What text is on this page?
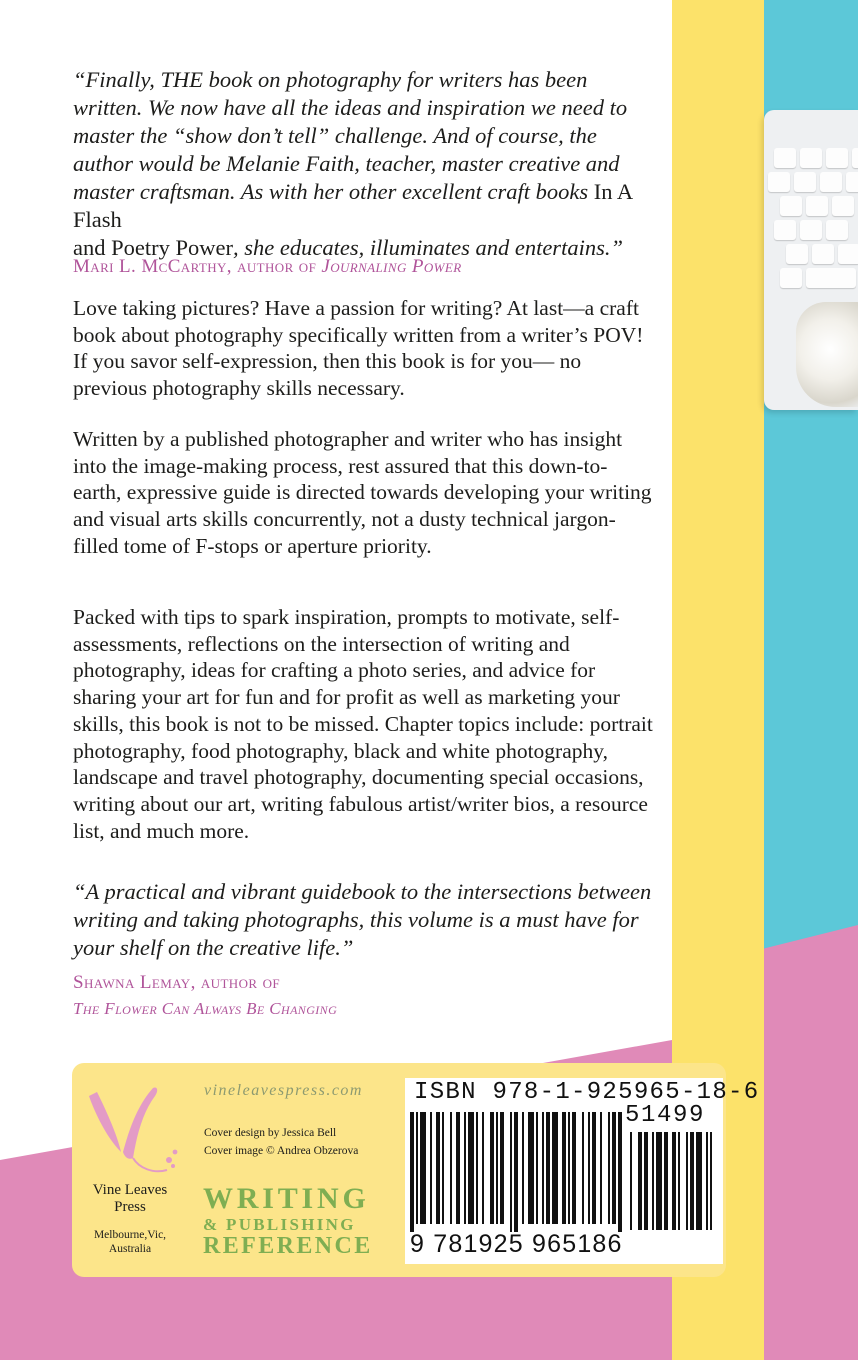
“Finally, THE book on photography for writers has been written. We now have all the ideas and inspiration we need to master the “show don’t tell” challenge. And of course, the author would be Melanie Faith, teacher, master creative and master craftsman. As with her other excellent craft books In A Flash
and Poetry Power, she educates, illuminates and entertains.”

Mari L. McCarthy, author of Journaling Power

Love taking pictures? Have a passion for writing? At last—a craft book about photography specifically written from a writer’s POV! If you savor self-expression, then this book is for you— no previous photography skills necessary.

Written by a published photographer and writer who has insight into the image-making process, rest assured that this down-to-earth, expressive guide is directed towards developing your writing and visual arts skills concurrently, not a dusty technical jargon-filled tome of F-stops or aperture priority.

Packed with tips to spark inspiration, prompts to motivate, self-assessments, reflections on the intersection of writing and photography, ideas for crafting a photo series, and advice for sharing your art for fun and for profit as well as marketing your skills, this book is not to be missed. Chapter topics include: portrait photography, food photography, black and white photography, landscape and travel photography, documenting special occasions, writing about our art, writing fabulous artist/writer bios, a resource list, and much more.

“A practical and vibrant guidebook to the intersections between writing and taking photographs, this volume is a must have for your shelf on the creative life.”

Shawna Lemay, author of
The Flower Can Always Be Changing
Vine Leaves Press
Melbourne,Vic, Australia
vineleavespress.com
Cover design by Jessica Bell
Cover image © Andrea Obzerova
WRITING
& PUBLISHING
REFERENCE
ISBN 978-1-925965-18-6
51499
9 781925 965186
